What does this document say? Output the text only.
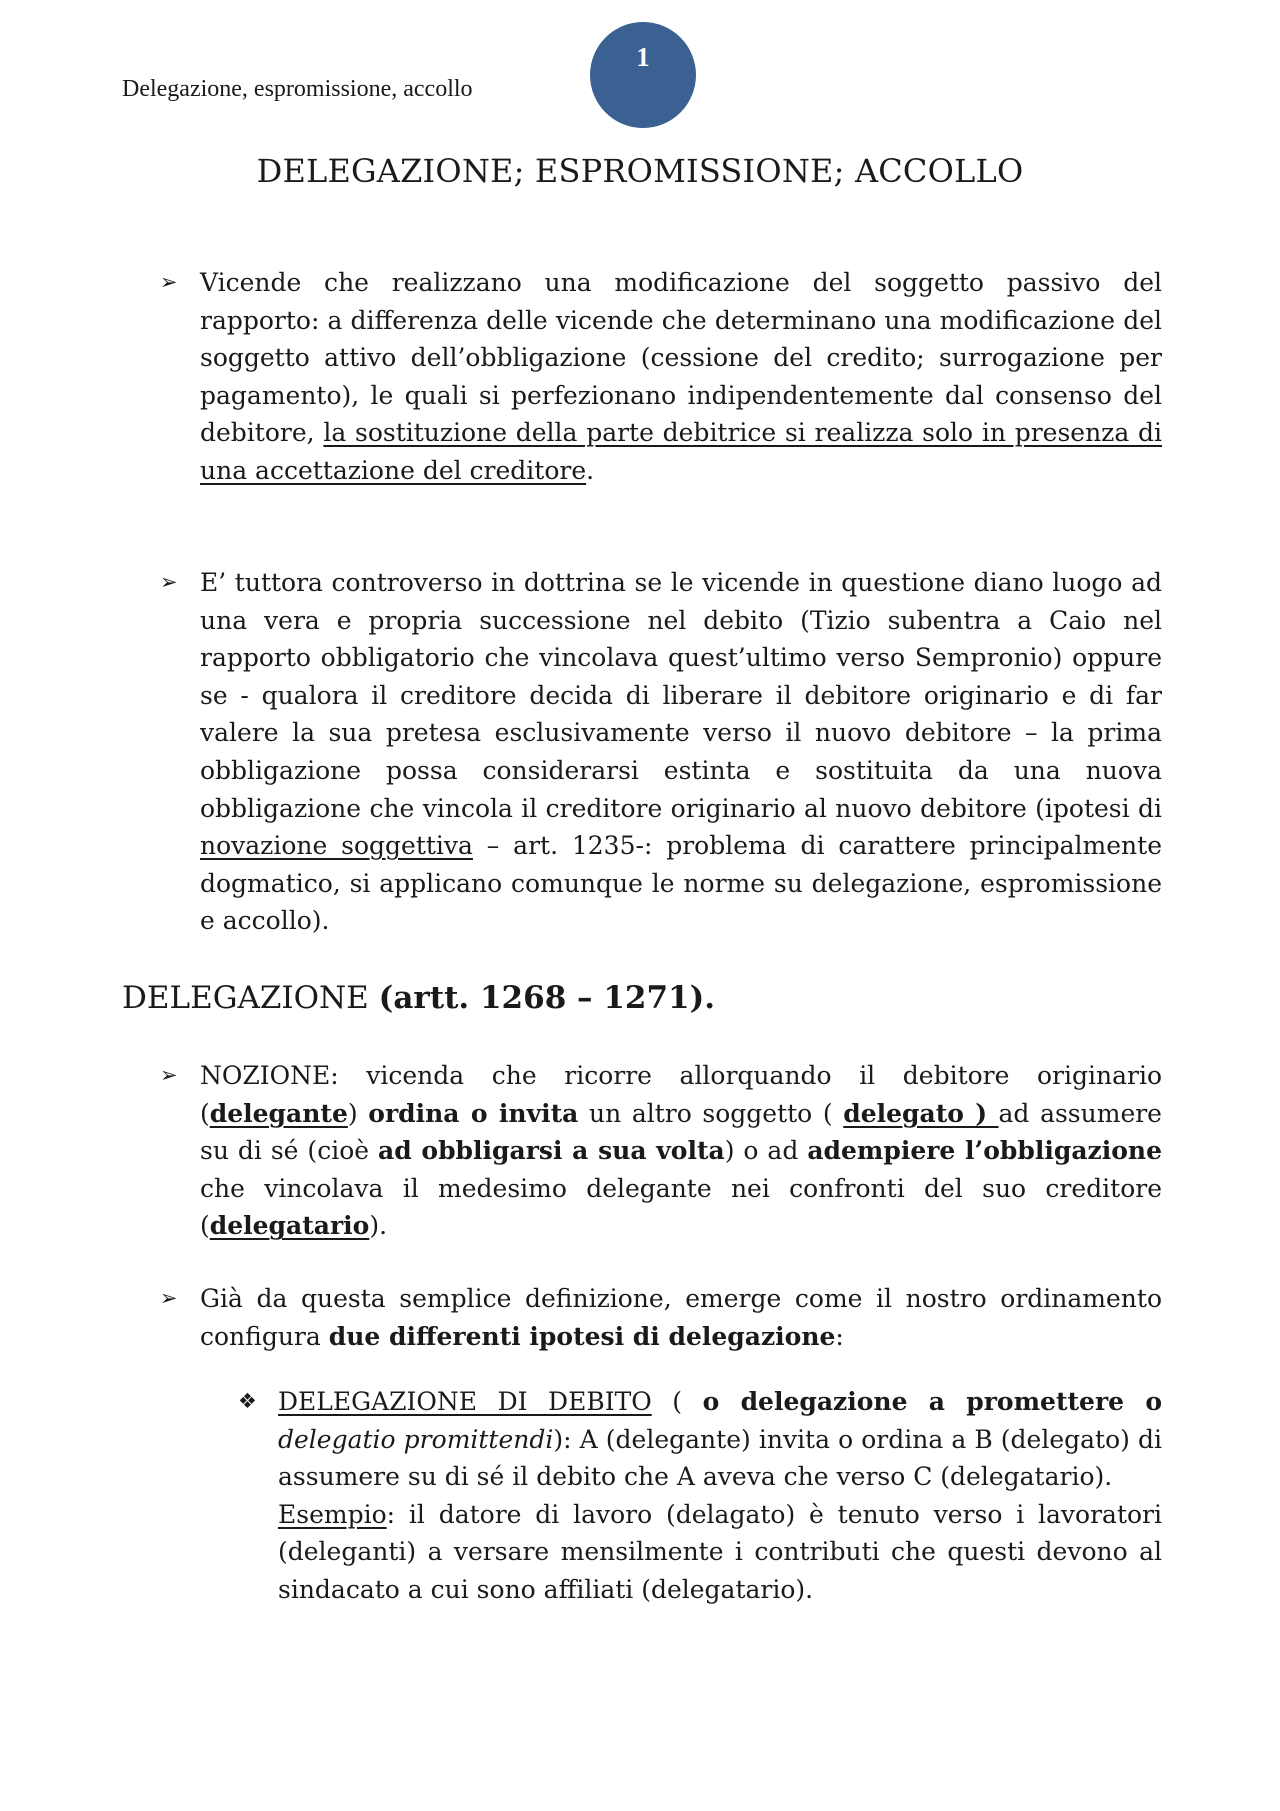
Delegazione, espromissione, accollo
1
DELEGAZIONE; ESPROMISSIONE; ACCOLLO
➢ Vicende che realizzano una modificazione del soggetto passivo del rapporto: a differenza delle vicende che determinano una modificazione del soggetto attivo dell’obbligazione (cessione del credito; surrogazione per pagamento), le quali si perfezionano indipendentemente dal consenso del debitore, la sostituzione della parte debitrice si realizza solo in presenza di una accettazione del creditore.

➢ E’ tuttora controverso in dottrina se le vicende in questione diano luogo ad una vera e propria successione nel debito (Tizio subentra a Caio nel rapporto obbligatorio che vincolava quest’ultimo verso Sempronio) oppure se - qualora il creditore decida di liberare il debitore originario e di far valere la sua pretesa esclusivamente verso il nuovo debitore – la prima obbligazione possa considerarsi estinta e sostituita da una nuova obbligazione che vincola il creditore originario al nuovo debitore (ipotesi di novazione soggettiva – art. 1235-: problema di carattere principalmente dogmatico, si applicano comunque le norme su delegazione, espromissione e accollo).

DELEGAZIONE (artt. 1268 – 1271).
➢ NOZIONE: vicenda che ricorre allorquando il debitore originario (delegante) ordina o invita un altro soggetto ( delegato ) ad assumere su di sé (cioè ad obbligarsi a sua volta) o ad adempiere l’obbligazione che vincolava il medesimo delegante nei confronti del suo creditore (delegatario).

➢ Già da questa semplice definizione, emerge come il nostro ordinamento configura due differenti ipotesi di delegazione:

❖ DELEGAZIONE DI DEBITO ( o delegazione a promettere o delegatio promittendi): A (delegante) invita o ordina a B (delegato) di assumere su di sé il debito che A aveva che verso C (delegatario).

Esempio: il datore di lavoro (delagato) è tenuto verso i lavoratori (deleganti) a versare mensilmente i contributi che questi devono al sindacato a cui sono affiliati (delegatario).
